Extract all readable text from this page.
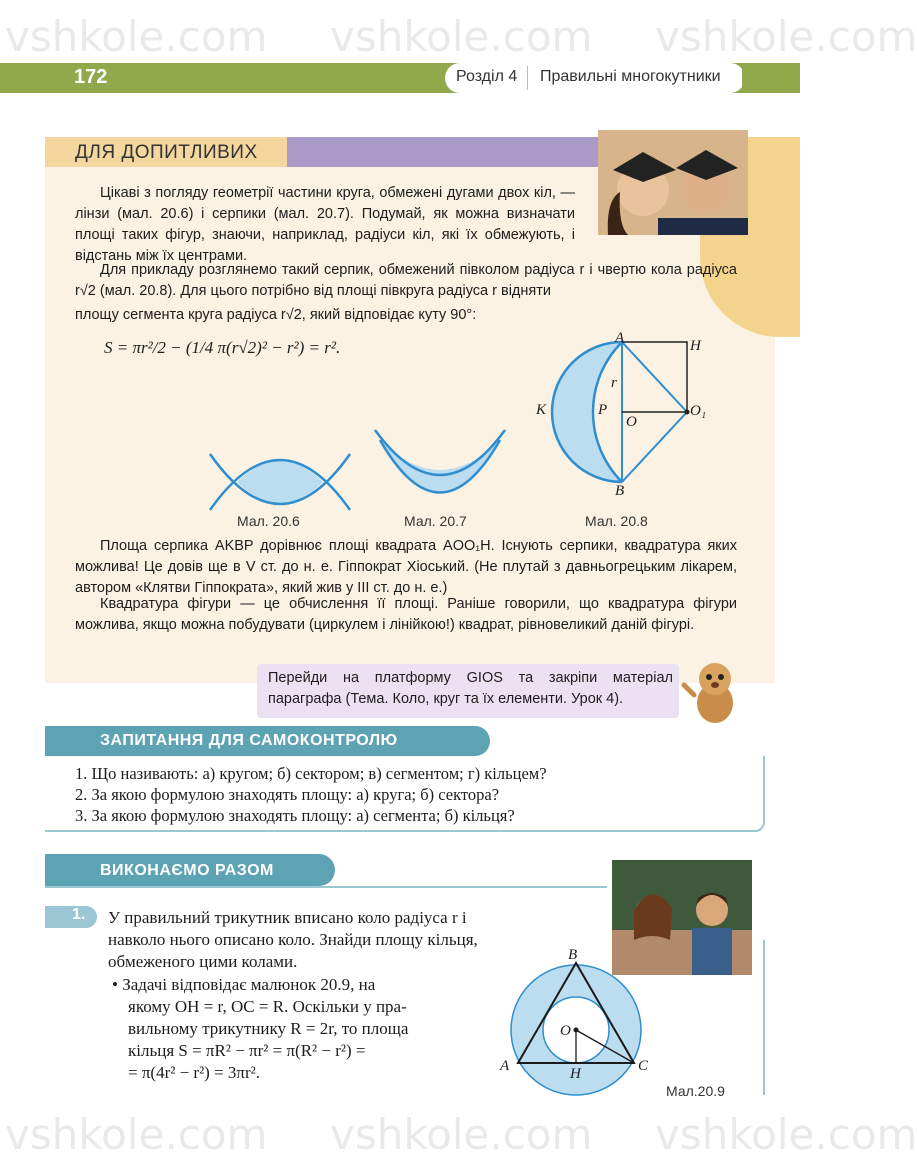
172	Розділ 4 Правильні многокутники
ДЛЯ ДОПИТЛИВИХ
Цікаві з погляду геометрії частини круга, обмежені дугами двох кіл, — лінзи (мал. 20.6) і серпики (мал. 20.7). Подумай, як можна визначати площі таких фігур, знаючи, наприклад, радіуси кіл, які їх обмежують, і відстань між їх центрами.
Для прикладу розглянемо такий серпик, обмежений півколом радіуса r і чвертю кола радіуса r√2 (мал. 20.8). Для цього потрібно від площі півкруга радіуса r відняти
площу сегмента круга радіуса r√2, який відповідає куту 90°:
S = πr²/2 − (1/4 π(r√2)² − r²) = r².	A	H
r
K	P
O
O₁
B
Мал. 20.6	Мал. 20.7	Мал. 20.8
Площа серпика AKBP дорівнює площі квадрата AOO₁H. Існують серпики, квадратура яких можлива! Це довів ще в V ст. до н. е. Гіппократ Хіоський. (Не плутай з давньогрецьким лікарем, автором «Клятви Гіппократа», який жив у ІІІ ст. до н. е.)
Квадратура фігури — це обчислення її площі. Раніше говорили, що квадратура фігури можлива, якщо можна побудувати (циркулем і лінійкою!) квадрат, рівновеликий даній фігурі.
Перейди на платформу GIOS та закріпи матеріал параграфа (Тема. Коло, круг та їх елементи. Урок 4).
ЗАПИТАННЯ ДЛЯ САМОКОНТРОЛЮ
1. Що називають: а) кругом; б) сектором; в) сегментом; г) кільцем?
2. За якою формулою знаходять площу: а) круга; б) сектора?
3. За якою формулою знаходять площу: а) сегмента; б) кільця?
ВИКОНАЄМО РАЗОМ
1. У правильний трикутник вписано коло радіуса r і
навколо нього описано коло. Знайди площу кільця,
обмеженого цими колами.
• Задачі відповідає малюнок 20.9, на
якому OH = r, OC = R. Оскільки у пра-
вильному трикутнику R = 2r, то площа
кільця S = πR² − πr² = π(R² − r²) =
= π(4r² − r²) = 3πr².
B
O
A	H	C
Мал.20.9
vshkole.com vshkole.com vshkole.com
vshkole.com vshkole.com vshkole.com
